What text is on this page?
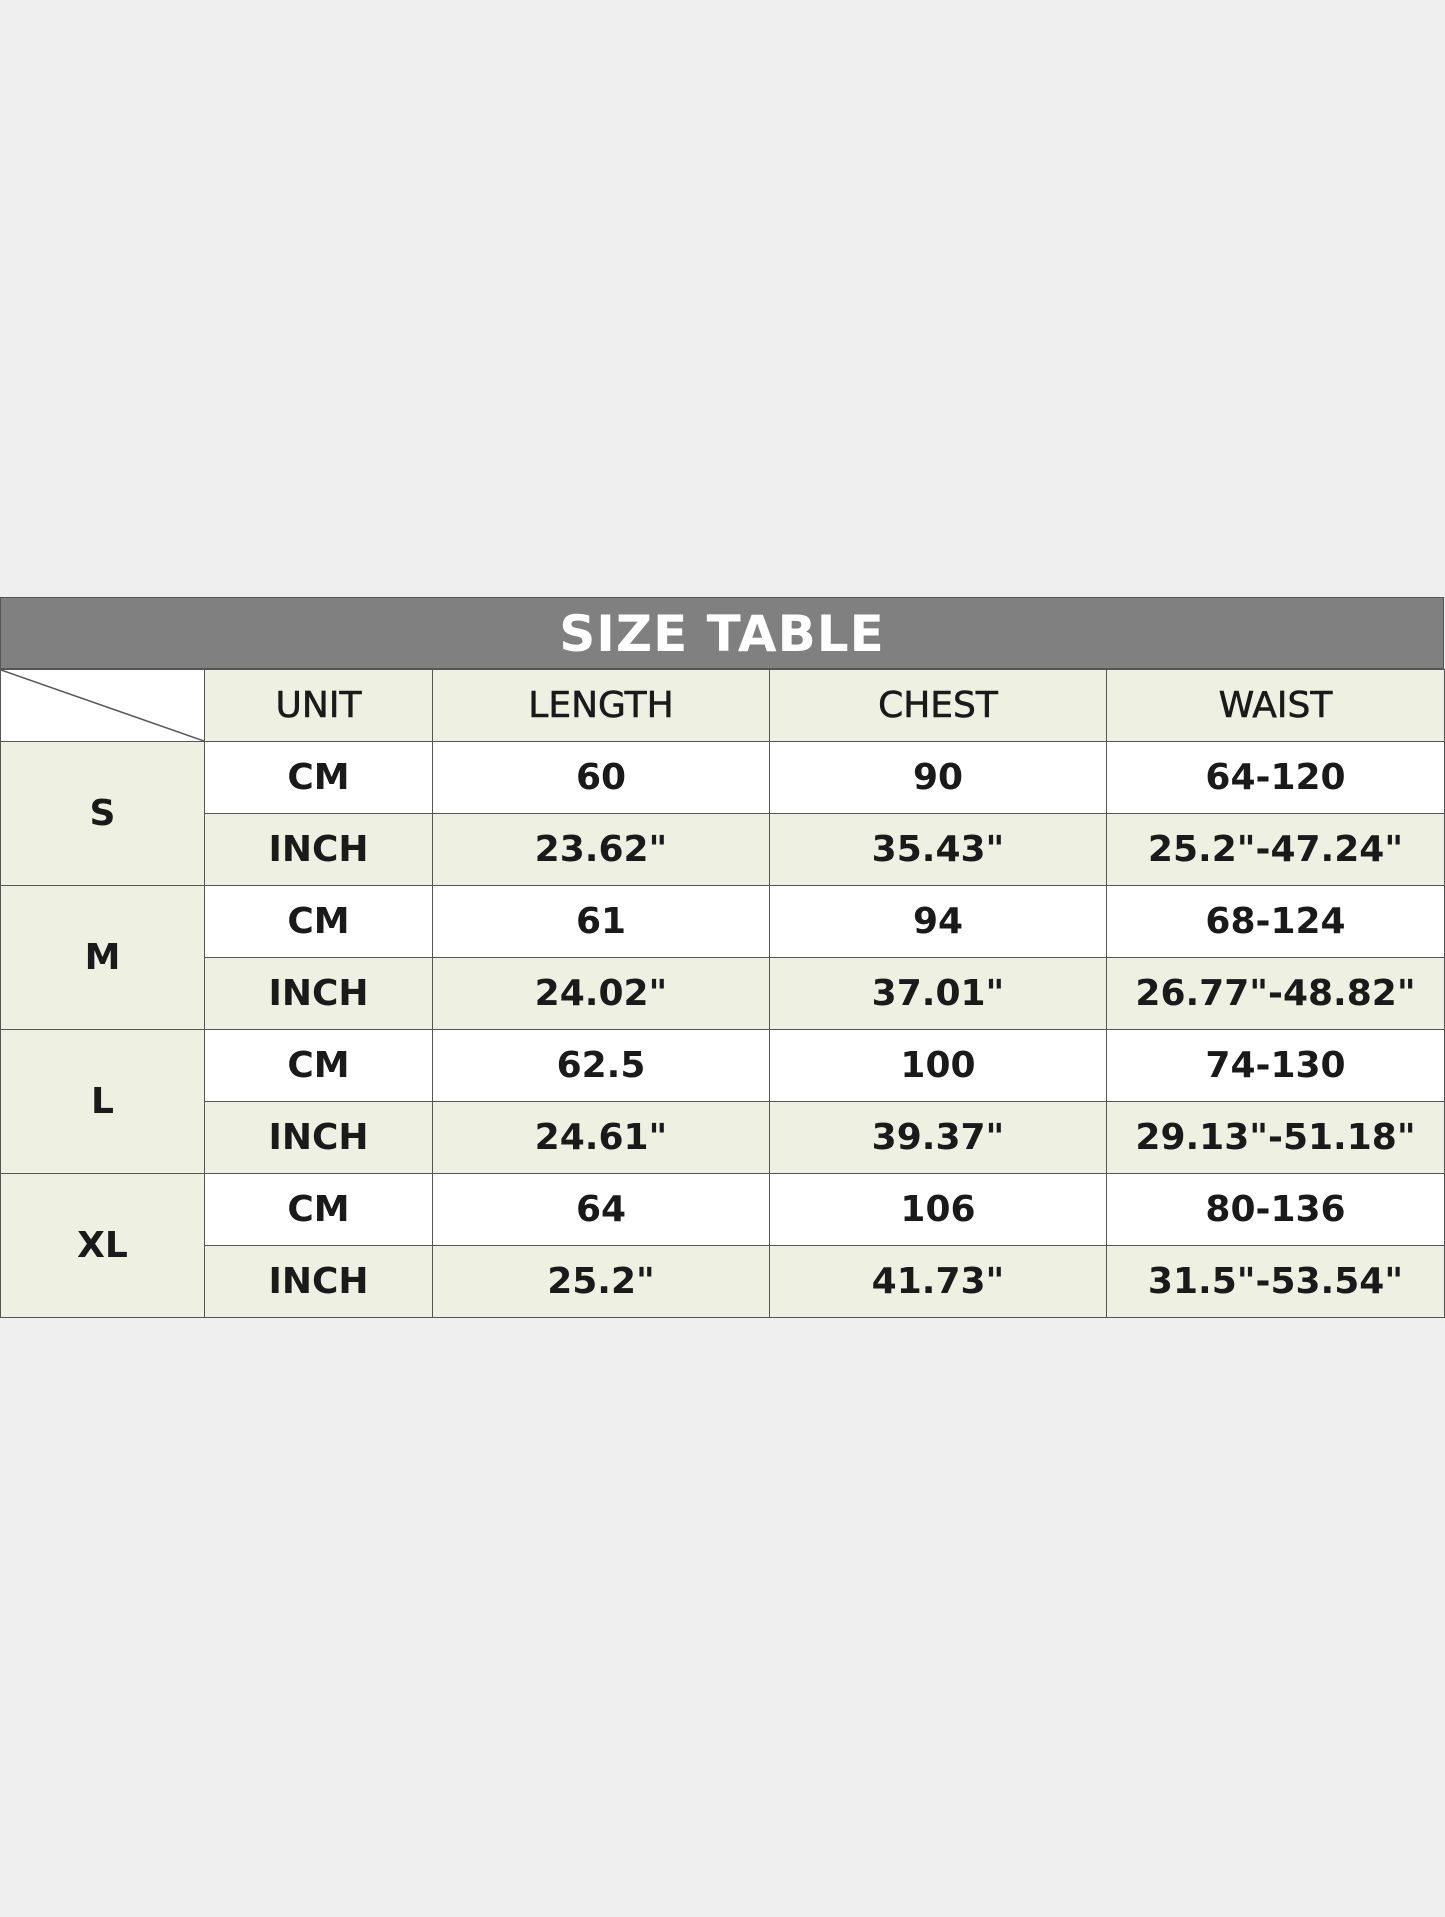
SIZE TABLE
	UNIT	LENGTH	CHEST	WAIST
S	CM	60	90	64-120
	INCH	23.62"	35.43"	25.2"-47.24"
M	CM	61	94	68-124
	INCH	24.02"	37.01"	26.77"-48.82"
L	CM	62.5	100	74-130
	INCH	24.61"	39.37"	29.13"-51.18"
XL	CM	64	106	80-136
	INCH	25.2"	41.73"	31.5"-53.54"
